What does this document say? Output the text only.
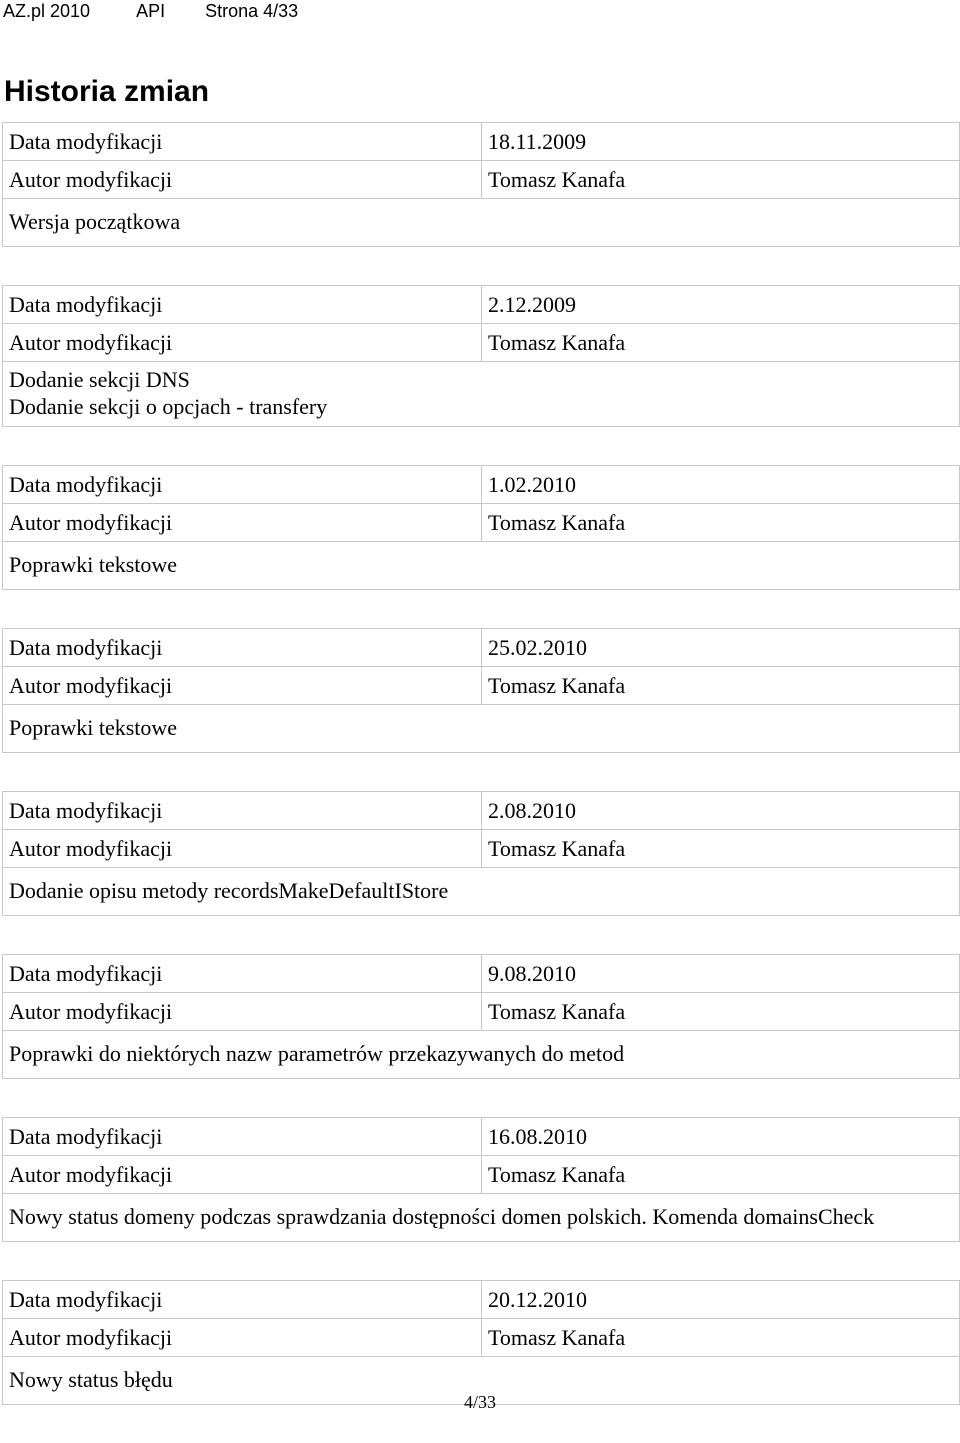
AZ.pl 2010	API Strona 4/33
Historia zmian
Data modyfikacji	18.11.2009
Autor modyfikacji	Tomasz Kanafa

Wersja początkowa	
Data modyfikacji	2.12.2009
Autor modyfikacji	Tomasz Kanafa

Dodanie sekcji DNS
Dodanie sekcji o opcjach - transfery	
Data modyfikacji	1.02.2010
Autor modyfikacji	Tomasz Kanafa

Poprawki tekstowe	
Data modyfikacji	25.02.2010
Autor modyfikacji	Tomasz Kanafa

Poprawki tekstowe	
Data modyfikacji	2.08.2010
Autor modyfikacji	Tomasz Kanafa

Dodanie opisu metody recordsMakeDefaultIStore	
Data modyfikacji	9.08.2010
Autor modyfikacji	Tomasz Kanafa

Poprawki do niektórych nazw parametrów przekazywanych do metod	
Data modyfikacji	16.08.2010
Autor modyfikacji	Tomasz Kanafa

Nowy status domeny podczas sprawdzania dostępności domen polskich. Komenda domainsCheck	
Data modyfikacji	20.12.2010
Autor modyfikacji	Tomasz Kanafa

Nowy status błędu	
4/33
